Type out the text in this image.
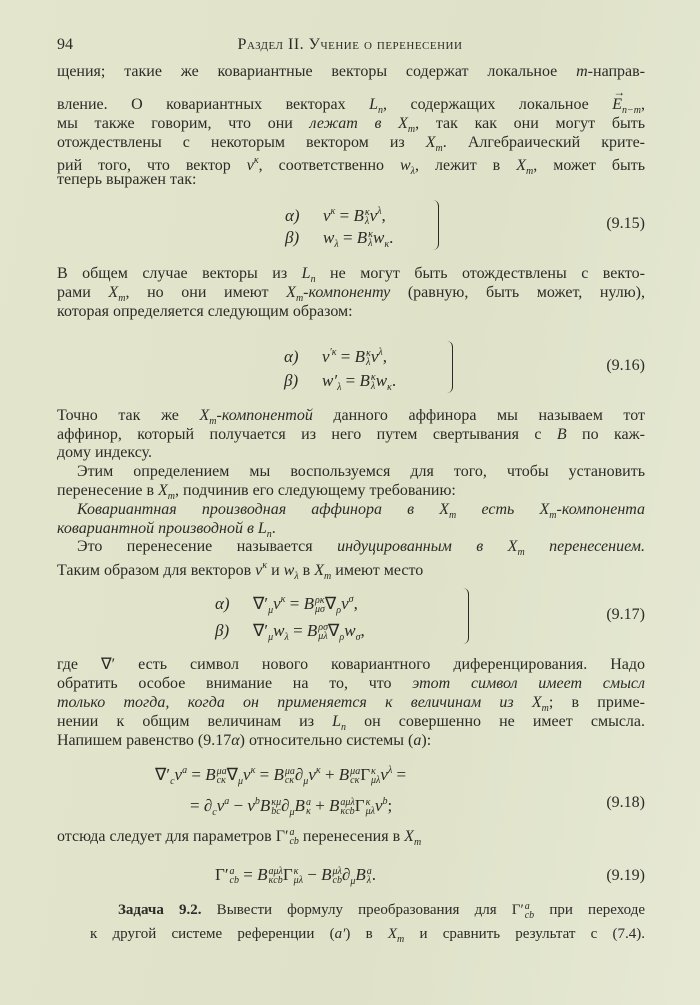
94	Раздел II. Учение о перенесении
щения; такие же ковариантные векторы содержат локальное m-направ-
вление. О ковариантных векторах $L_n$, содержащих локальное → $E_{n-m}$,
мы также говорим, что они лежат в $X_m$, так как они могут быть
отождествлены с некоторым вектором из $X_m$. Алгебраический крите-
рий того, что вектор $v^\kappa$, соответственно $w_\lambda$, лежит в $X_m$, может быть
теперь выражен так:
α) $v^\kappa = B$ κ
λ $v^\lambda$,
β) $w_\lambda = B$ κ
λ $w_\kappa$.
(9.15)
В общем случае векторы из $L_n$ не могут быть отождествлены с векто-
рами $X_m$, но они имеют $X_m$-компоненту (равную, быть может, нулю),
которая определяется следующим образом:
α) $v^{'\kappa} = B$ κ
λ $v^\lambda$,
β) $w'_\lambda = B$ κ
λ $w_\kappa$.
(9.16)
Точно так же $X_m$-компонентой данного аффинора мы называем тот
аффинор, который получается из него путем свертывания с B по каж-
дому индексу.
Этим определением мы воспользуемся для того, чтобы установить
перенесение в $X_m$, подчинив его следующему требованию:
Ковариантная производная аффинора в $X_m$ есть $X_m$-компонента
ковариантной производной в $L_n$.
Это перенесение называется индуцированным в $X_m$ перенесением.
Таким образом для векторов $v^\kappa$ и $w_\lambda$ в $X_m$ имеют место
α) $\nabla'_\mu v^\kappa = B$ ρκ
μσ $\nabla_\rho v^\sigma$,
β) $\nabla'_\mu w_\lambda = B$ ρσ
μλ $\nabla_\rho w_\sigma$,
(9.17)
где ∇′ есть символ нового ковариантного диференцирования. Надо
обратить особое внимание на то, что этот символ имеет смысл
только тогда, когда он применяется к величинам из $X_m$; в приме-
нении к общим величинам из $L_n$ он совершенно не имеет смысла.
Напишем равенство (9.17α) относительно системы (a):
$\nabla'_cv^a = B$ μa
cκ $\nabla_\mu v^\kappa = B$ μa
cκ $\partial_\mu v^\kappa + B$ μa
cκ Γ κ
μλ $v^\lambda$ =
= $\partial_cv^a - v^bB$ κμ
bc $\partial_\mu B$ a
κ + B aμλ
κcb Γ κ
μλ $v^b$;	(9.18)
отсюда следует для параметров Γ′ a
cb перенесения в $X_m$
Γ′ a
cb = B aμλ
κcb Γ κ
μλ − B μλ
cb $\partial_\mu B$ a
λ .	(9.19)
Задача 9.2. Вывести формулу преобразования для Γ′ a
cb при переходе
к другой системе референции (a′) в $X_m$ и сравнить результат с (7.4).
